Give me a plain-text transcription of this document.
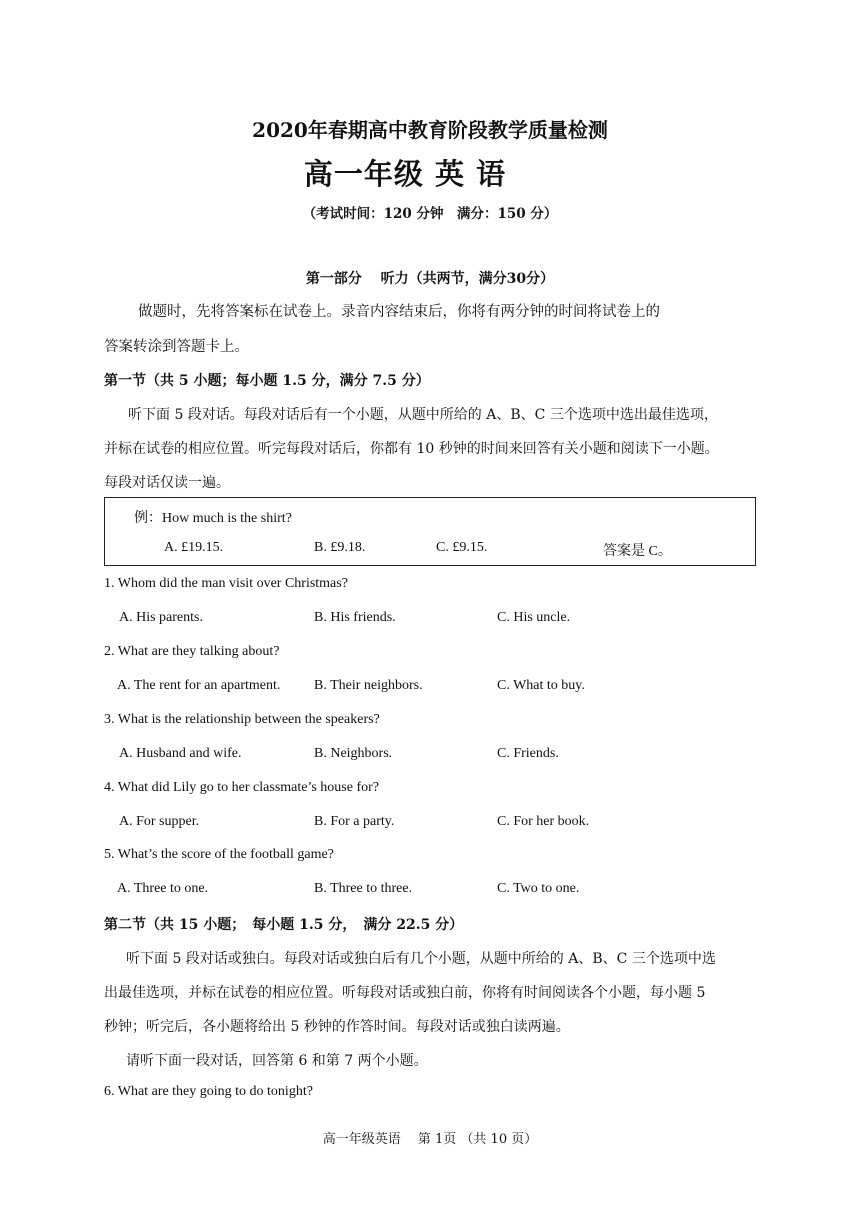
2020年春期高中教育阶段教学质量检测
高一年级 英 语
（考试时间：120 分钟　满分：150 分）
第一部分　 听力（共两节，满分30分）
做题时，先将答案标在试卷上。录音内容结束后，你将有两分钟的时间将试卷上的
答案转涂到答题卡上。
第一节（共 5 小题；每小题 1.5 分，满分 7.5 分）
听下面 5 段对话。每段对话后有一个小题，从题中所给的 A、B、C 三个选项中选出最佳选项，
并标在试卷的相应位置。听完每段对话后，你都有 10 秒钟的时间来回答有关小题和阅读下一小题。
每段对话仅读一遍。
例：How much is the shirt?
A. £19.15.	B. £9.18.	C. £9.15.	答案是 C。
1. Whom did the man visit over Christmas?
A. His parents.	B. His friends.	C. His uncle.
2. What are they talking about?
A. The rent for an apartment. B. Their neighbors.	C. What to buy.
3. What is the relationship between the speakers?
A. Husband and wife.	B. Neighbors.	C. Friends.
4. What did Lily go to her classmate’s house for?
A. For supper.	B. For a party.	C. For her book.
5. What’s the score of the football game?
A. Three to one.	B. Three to three.	C. Two to one.
第二节（共 15 小题；　每小题 1.5 分，　满分 22.5 分）
听下面 5 段对话或独白。每段对话或独白后有几个小题，从题中所给的 A、B、C 三个选项中选
出最佳选项，并标在试卷的相应位置。听每段对话或独白前，你将有时间阅读各个小题，每小题 5
秒钟；听完后，各小题将给出 5 秒钟的作答时间。每段对话或独白读两遍。
请听下面一段对话，回答第 6 和第 7 两个小题。
6. What are they going to do tonight?
高一年级英语　 第 1页 （共 10 页）
